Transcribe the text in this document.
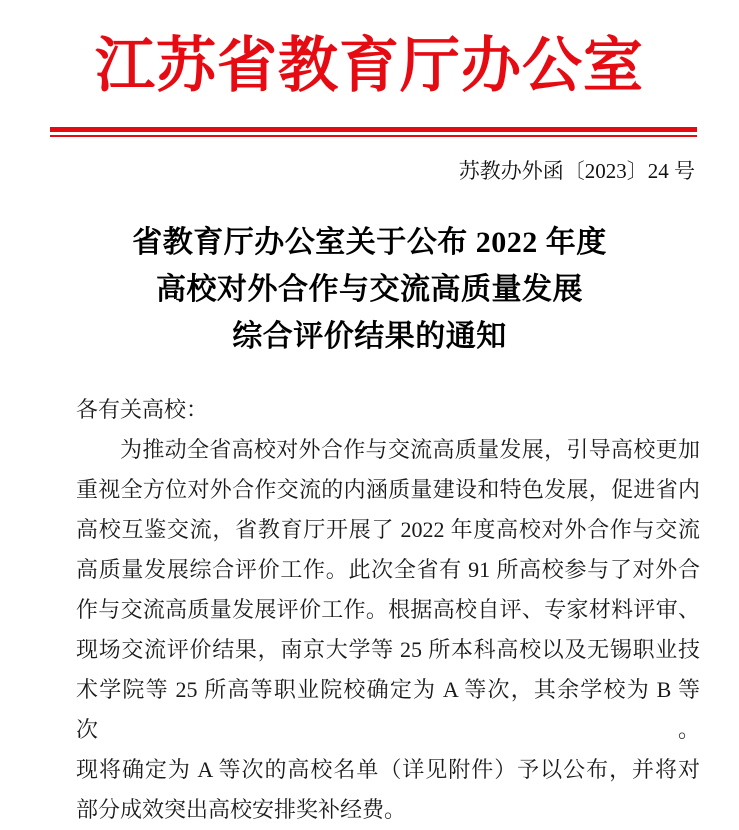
江苏省教育厅办公室
苏教办外函〔2023〕24 号
省教育厅办公室关于公布 2022 年度
高校对外合作与交流高质量发展
综合评价结果的通知
各有关高校：
为推动全省高校对外合作与交流高质量发展，引导高校更加
重视全方位对外合作交流的内涵质量建设和特色发展，促进省内
高校互鉴交流，省教育厅开展了 2022 年度高校对外合作与交流
高质量发展综合评价工作。此次全省有 91 所高校参与了对外合
作与交流高质量发展评价工作。根据高校自评、专家材料评审、
现场交流评价结果，南京大学等 25 所本科高校以及无锡职业技
术学院等 25 所高等职业院校确定为 A 等次，其余学校为 B 等次。
现将确定为 A 等次的高校名单（详见附件）予以公布，并将对
部分成效突出高校安排奖补经费。
